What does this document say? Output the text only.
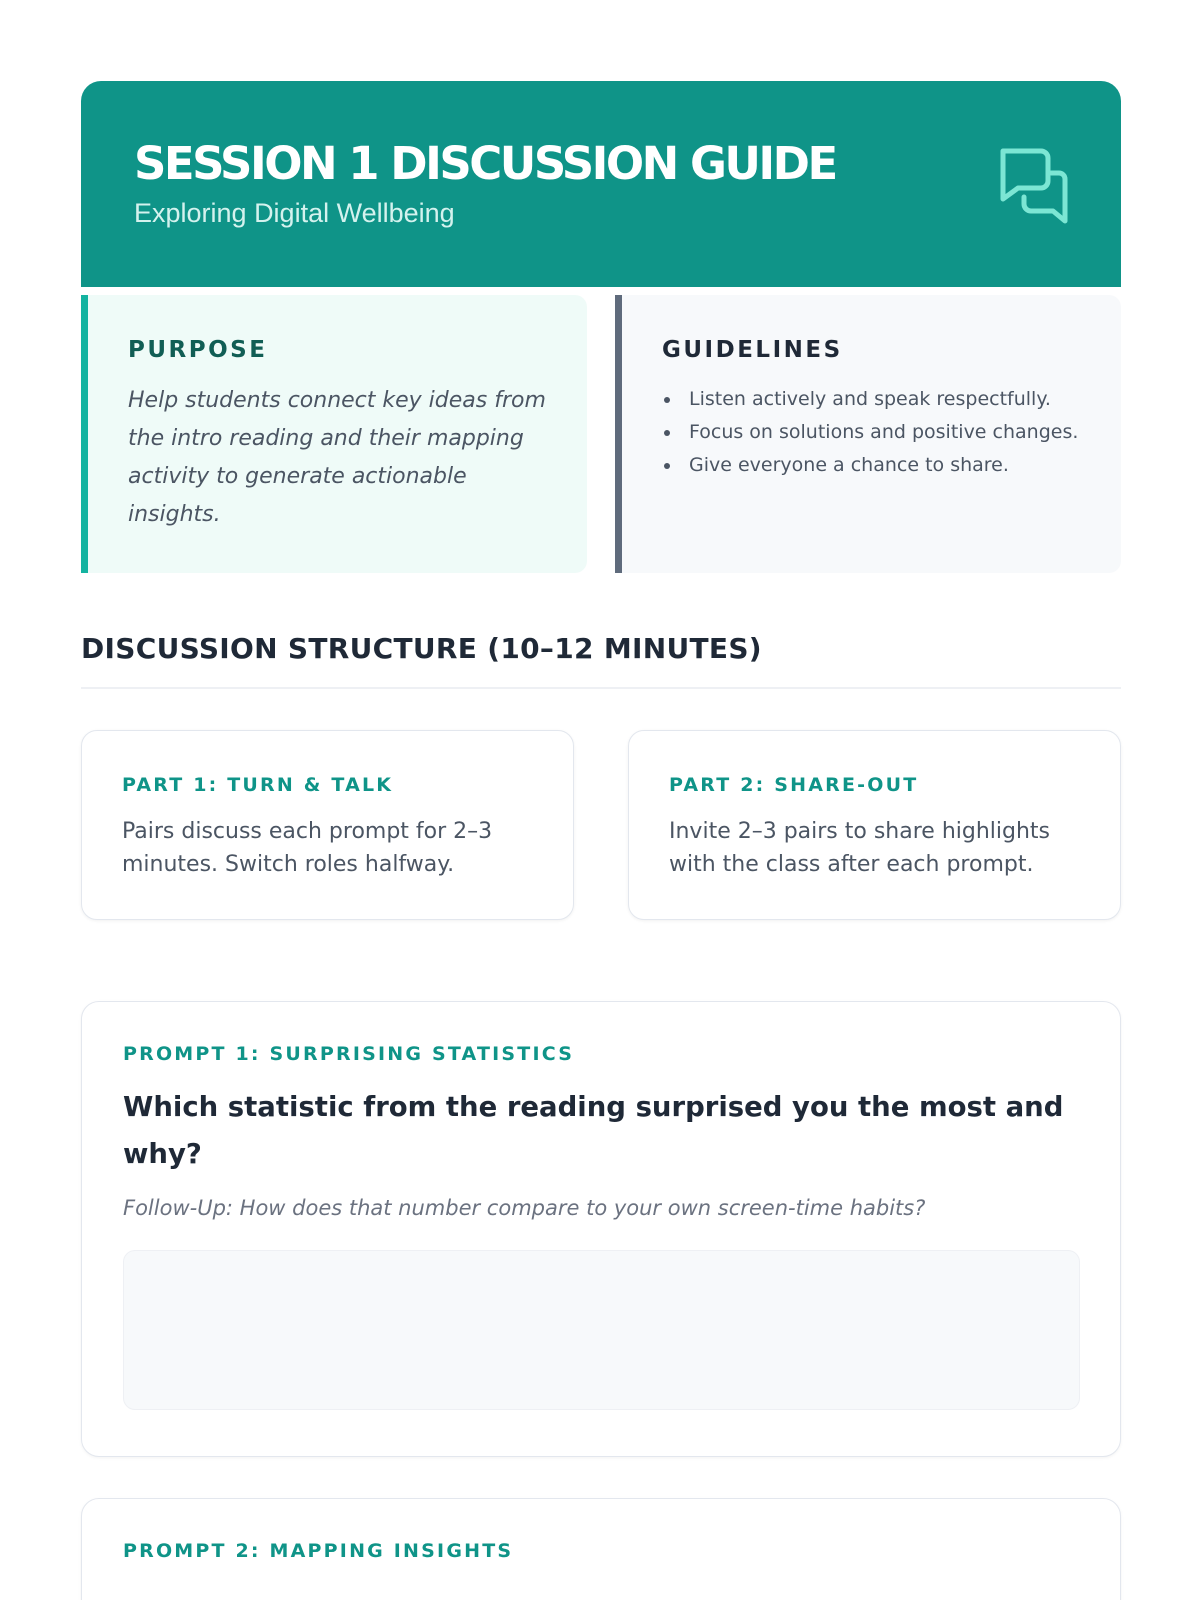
SESSION 1 DISCUSSION GUIDE
Exploring Digital Wellbeing
PURPOSE
Help students connect key ideas from the intro reading and their mapping activity to generate actionable insights.
GUIDELINES
Listen actively and speak respectfully.
Focus on solutions and positive changes.
Give everyone a chance to share.
DISCUSSION STRUCTURE (10–12 MINUTES)
PART 1: TURN & TALK
Pairs discuss each prompt for 2–3 minutes. Switch roles halfway.
PART 2: SHARE-OUT
Invite 2–3 pairs to share highlights with the class after each prompt.
PROMPT 1: SURPRISING STATISTICS
Which statistic from the reading surprised you the most and why?
Follow-Up: How does that number compare to your own screen-time habits?
PROMPT 2: MAPPING INSIGHTS
